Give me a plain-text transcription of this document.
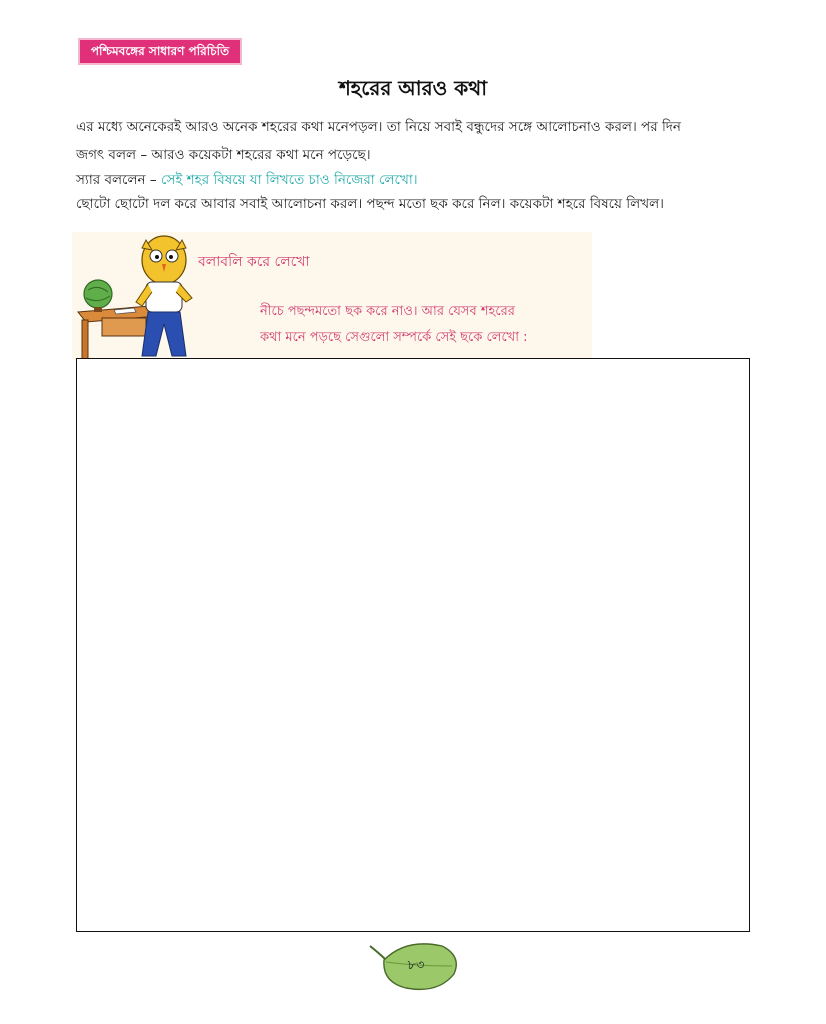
পশ্চিমবঙ্গের সাধারণ পরিচিতি
শহরের আরও কথা
এর মধ্যে অনেকেরই আরও অনেক শহরের কথা মনেপড়ল। তা নিয়ে সবাই বন্ধুদের সঙ্গে আলোচনাও করল। পর দিন
জগৎ বলল – আরও কয়েকটা শহরের কথা মনে পড়েছে।
স্যার বললেন – সেই শহর বিষয়ে যা লিখতে চাও নিজেরা লেখো।
ছোটো ছোটো দল করে আবার সবাই আলোচনা করল। পছন্দ মতো ছক করে নিল। কয়েকটা শহরে বিষয়ে লিখল।
বলাবলি করে লেখো
নীচে পছন্দমতো ছক করে নাও। আর যেসব শহরের
কথা মনে পড়ছে সেগুলো সম্পর্কে সেই ছকে লেখো :
৮৩
